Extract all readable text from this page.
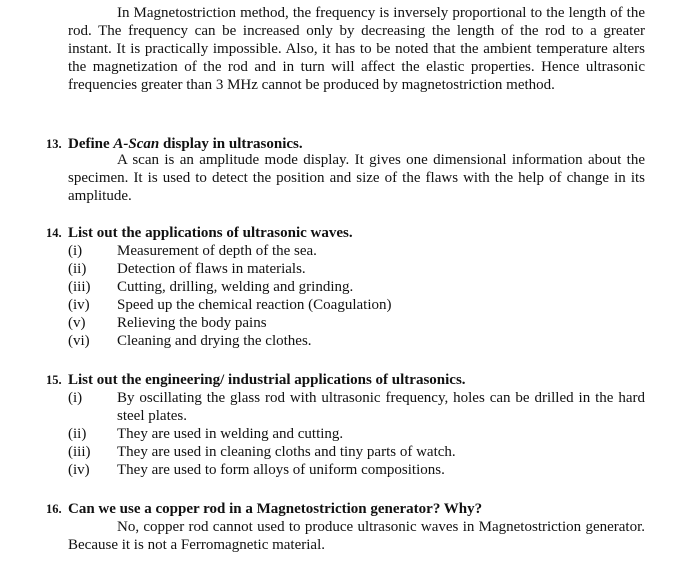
In Magnetostriction method, the frequency is inversely proportional to the length of the rod. The frequency can be increased only by decreasing the length of the rod to a greater instant. It is practically impossible. Also, it has to be noted that the ambient temperature alters the magnetization of the rod and in turn will affect the elastic properties. Hence ultrasonic frequencies greater than 3 MHz cannot be produced by magnetostriction method.

13. Define A-Scan display in ultrasonics.

A scan is an amplitude mode display. It gives one dimensional information about the specimen. It is used to detect the position and size of the flaws with the help of change in its amplitude.

14. List out the applications of ultrasonic waves.

(i) Measurement of depth of the sea.
(ii) Detection of flaws in materials.
(iii) Cutting, drilling, welding and grinding.
(iv) Speed up the chemical reaction (Coagulation)
(v) Relieving the body pains
(vi) Cleaning and drying the clothes.

15. List out the engineering/ industrial applications of ultrasonics.

(i) By oscillating the glass rod with ultrasonic frequency, holes can be drilled in the hard steel plates.
(ii) They are used in welding and cutting.
(iii) They are used in cleaning cloths and tiny parts of watch.
(iv) They are used to form alloys of uniform compositions.

16. Can we use a copper rod in a Magnetostriction generator? Why?

No, copper rod cannot used to produce ultrasonic waves in Magnetostriction generator. Because it is not a Ferromagnetic material.
